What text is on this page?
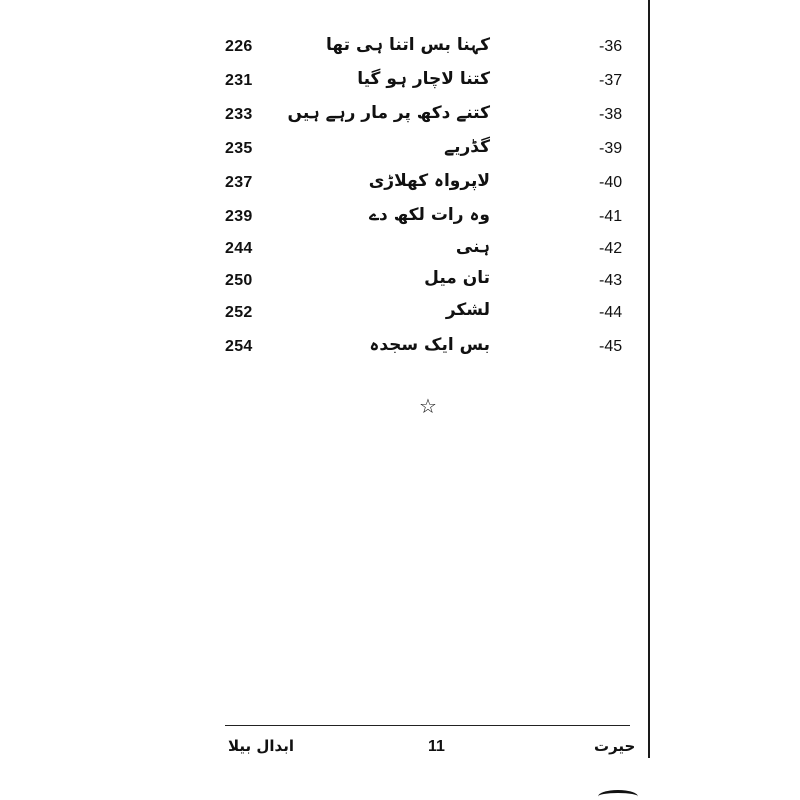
226	کہنا بس اتنا ہی تھا	-36
231	کتنا لاچار ہو گیا	-37
233 کتنے دکھ پر مار رہے ہیں	-38
235	گڈریے	-39
237	لاپرواہ کھلاڑی	-40
239	وہ رات لکھ دے	-41
244	ہنی	-42
250	تان میل	-43
252	لشکر	-44
254	بس ایک سجدہ	-45
☆
ابدال بیلا	11	حیرت
